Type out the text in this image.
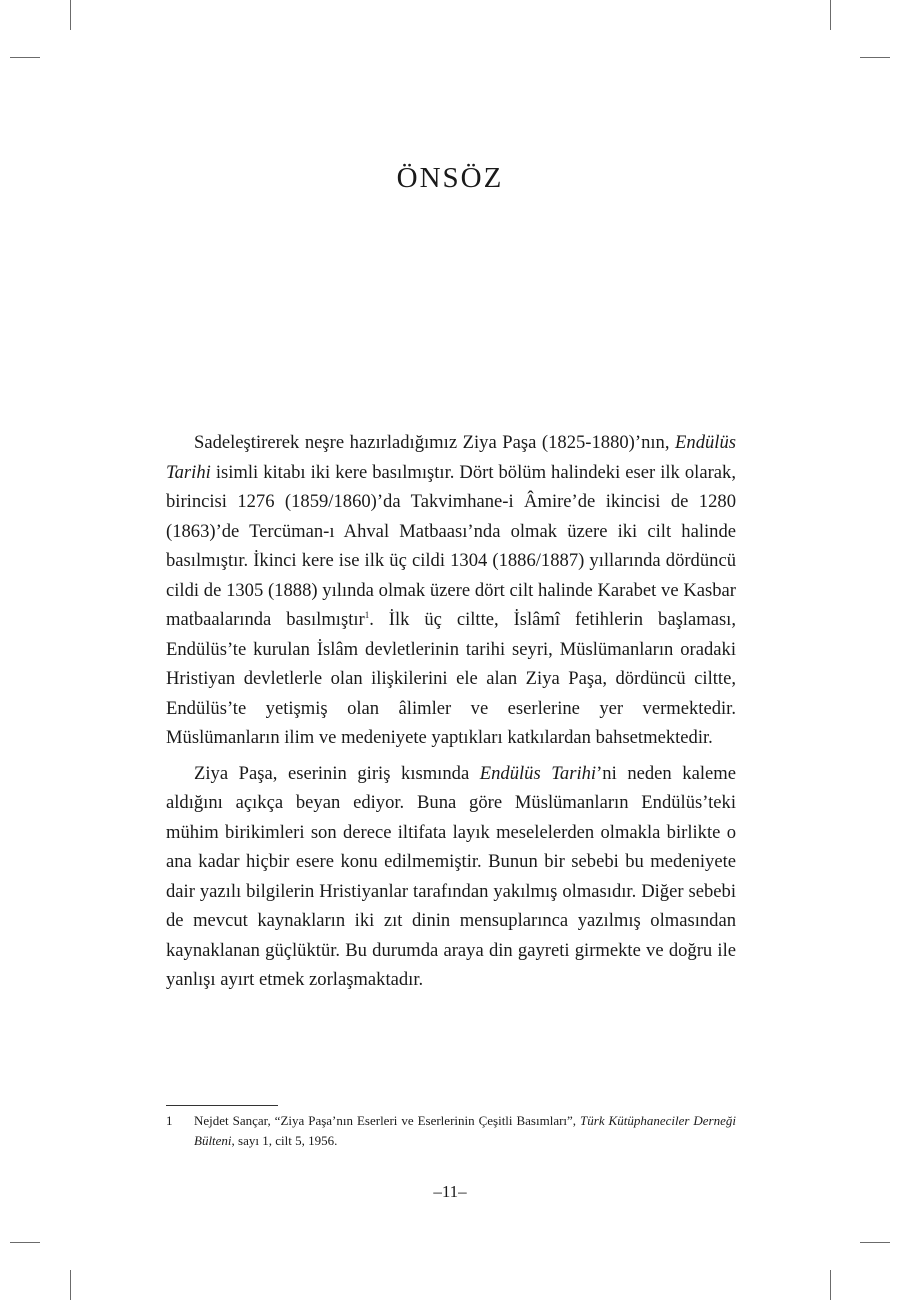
ÖNSÖZ

Sadeleştirerek neşre hazırladığımız Ziya Paşa (1825-1880)’nın, Endülüs Tarihi isimli kitabı iki kere basılmıştır. Dört bölüm halindeki eser ilk olarak, birincisi 1276 (1859/1860)’da Takvimhane-i Âmire’de ikincisi de 1280 (1863)’de Tercüman-ı Ahval Matbaası’nda olmak üzere iki cilt halinde basılmıştır. İkinci kere ise ilk üç cildi 1304 (1886/1887) yıllarında dördüncü cildi de 1305 (1888) yılında olmak üzere dört cilt halinde Karabet ve Kasbar matbaalarında basılmıştır$^1$. İlk üç ciltte, İslâmî fetihlerin başlaması, Endülüs’te kurulan İslâm devletlerinin tarihi seyri, Müslümanların oradaki Hristiyan devletlerle olan ilişkilerini ele alan Ziya Paşa, dördüncü ciltte, Endülüs’te yetişmiş olan âlimler ve eserlerine yer vermektedir. Müslümanların ilim ve medeniyete yaptıkları katkılardan bahsetmektedir.

Ziya Paşa, eserinin giriş kısmında Endülüs Tarihi’ni neden kaleme aldığını açıkça beyan ediyor. Buna göre Müslümanların Endülüs’teki mühim birikimleri son derece iltifata layık meselelerden olmakla birlikte o ana kadar hiçbir esere konu edilmemiştir. Bunun bir sebebi bu medeniyete dair yazılı bilgilerin Hristiyanlar tarafından yakılmış olmasıdır. Diğer sebebi de mevcut kaynakların iki zıt dinin mensuplarınca yazılmış olmasından kaynaklanan güçlüktür. Bu durumda araya din gayreti girmekte ve doğru ile yanlışı ayırt etmek zorlaşmaktadır.

1	Nejdet Sançar, “Ziya Paşa’nın Eserleri ve Eserlerinin Çeşitli Basımları”, Türk Kütüphaneciler Derneği Bülteni, sayı 1, cilt 5, 1956.
–11–
